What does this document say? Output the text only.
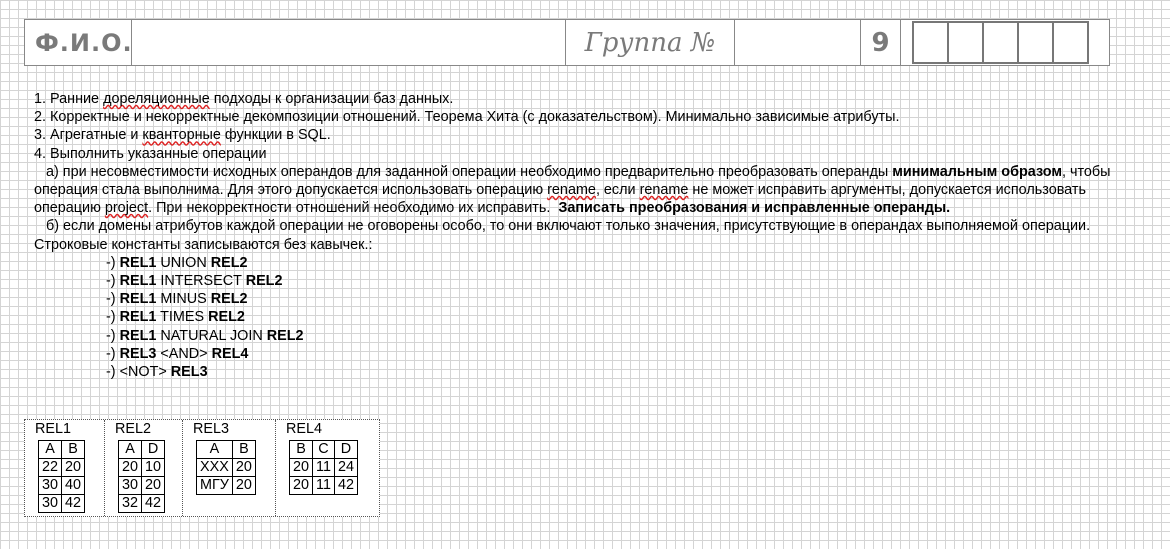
Ф.И.О.	Группа №	9

1. Ранние дореляционные подходы к организации баз данных.

2. Корректные и некорректные декомпозиции отношений. Теорема Хита (с доказательством). Минимально зависимые атрибуты.

3. Агрегатные и кванторные функции в SQL.

4. Выполнить указанные операции

а) при несовместимости исходных операндов для заданной операции необходимо предварительно преобразовать операнды минимальным образом, чтобы операция стала выполнима. Для этого допускается использовать операцию rename, если rename не может исправить аргументы, допускается использовать операцию project. При некорректности отношений необходимо их исправить.  Записать преобразования и исправленные операнды.

б) если домены атрибутов каждой операции не оговорены особо, то они включают только значения, присутствующие в операндах выполняемой операции. Строковые константы записываются без кавычек.:

-) REL1 UNION REL2

-) REL1 INTERSECT REL2

-) REL1 MINUS REL2

-) REL1 TIMES REL2

-) REL1 NATURAL JOIN REL2

-) REL3 <AND> REL4

-) <NOT> REL3

REL1
A	B
22	20
30	40
30	42
REL2
A	D
20	10
30	20
32	42
REL3
A	B
ХХХ	20
МГУ	20
REL4
B	C	D
20	11	24
20	11	42
